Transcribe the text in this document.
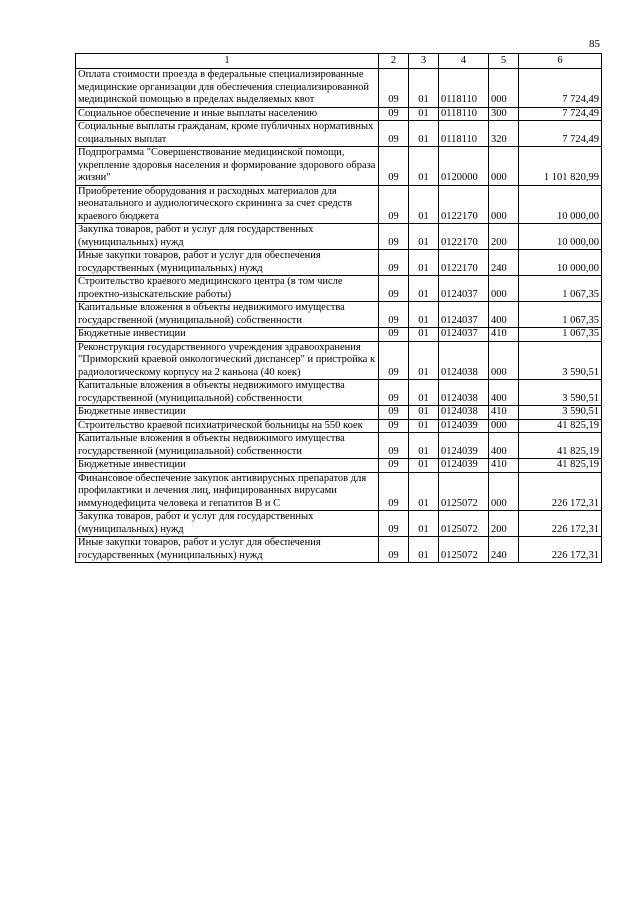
85
1	2	3	4	5	6
Оплата стоимости проезда в федеральные специализированные медицинские организации для обеспечения специализированной медицинской помощью в пределах выделяемых квот	09	01	0118110	000	7 724,49
Социальное обеспечение и иные выплаты населению	09	01	0118110	300	7 724,49
Социальные выплаты гражданам, кроме публичных нормативных социальных выплат	09	01	0118110	320	7 724,49
Подпрограмма "Совершенствование медицинской помощи, укрепление здоровья населения и формирование здорового образа жизни"	09	01	0120000	000	1 101 820,99
Приобретение оборудования и расходных материалов для неонатального и аудиологического скрининга за счет средств краевого бюджета	09	01	0122170	000	10 000,00
Закупка товаров, работ и услуг для государственных (муниципальных) нужд	09	01	0122170	200	10 000,00
Иные закупки товаров, работ и услуг для обеспечения государственных (муниципальных) нужд	09	01	0122170	240	10 000,00
Строительство краевого медицинского центра (в том числе проектно-изыскательские работы)	09	01	0124037	000	1 067,35
Капитальные вложения в объекты недвижимого имущества государственной (муниципальной) собственности	09	01	0124037	400	1 067,35
Бюджетные инвестиции	09	01	0124037	410	1 067,35
Реконструкция государственного учреждения здравоохранения "Приморский краевой онкологический диспансер" и пристройка к радиологическому корпусу на 2 каньона (40 коек)	09	01	0124038	000	3 590,51
Капитальные вложения в объекты недвижимого имущества государственной (муниципальной) собственности	09	01	0124038	400	3 590,51
Бюджетные инвестиции	09	01	0124038	410	3 590,51
Строительство краевой психиатрической больницы на 550 коек	09	01	0124039	000	41 825,19
Капитальные вложения в объекты недвижимого имущества государственной (муниципальной) собственности	09	01	0124039	400	41 825,19
Бюджетные инвестиции	09	01	0124039	410	41 825,19
Финансовое обеспечение закупок антивирусных препаратов для профилактики и лечения лиц, инфицированных вирусами иммунодефицита человека и гепатитов В и С	09	01	0125072	000	226 172,31
Закупка товаров, работ и услуг для государственных (муниципальных) нужд	09	01	0125072	200	226 172,31
Иные закупки товаров, работ и услуг для обеспечения государственных (муниципальных) нужд	09	01	0125072	240	226 172,31
